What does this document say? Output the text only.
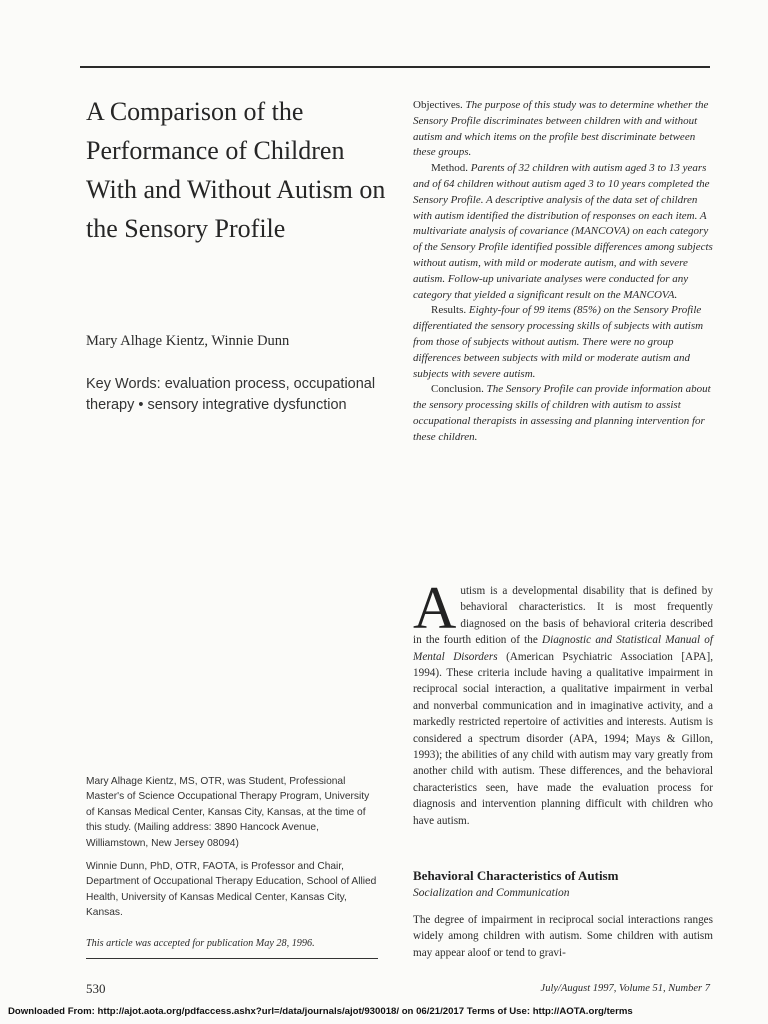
A Comparison of the Performance of Children With and Without Autism on the Sensory Profile
Mary Alhage Kientz, Winnie Dunn
Key Words: evaluation process, occupational therapy • sensory integrative dysfunction

Objectives. The purpose of this study was to determine whether the Sensory Profile discriminates between children with and without autism and which items on the profile best discriminate between these groups.

Method. Parents of 32 children with autism aged 3 to 13 years and of 64 children without autism aged 3 to 10 years completed the Sensory Profile. A descriptive analysis of the data set of children with autism identified the distribution of responses on each item. A multivariate analysis of covariance (MANCOVA) on each category of the Sensory Profile identified possible differences among subjects without autism, with mild or moderate autism, and with severe autism. Follow-up univariate analyses were conducted for any category that yielded a significant result on the MANCOVA.

Results. Eighty-four of 99 items (85%) on the Sensory Profile differentiated the sensory processing skills of subjects with autism from those of subjects without autism. There were no group differences between subjects with mild or moderate autism and subjects with severe autism.

Conclusion. The Sensory Profile can provide information about the sensory processing skills of children with autism to assist occupational therapists in assessing and planning intervention for these children.

Autism is a developmental disability that is defined by behavioral characteristics. It is most frequently diagnosed on the basis of behavioral criteria described in the fourth edition of the Diagnostic and Statistical Manual of Mental Disorders (American Psychiatric Association [APA], 1994). These criteria include having a qualitative impairment in reciprocal social interaction, a qualitative impairment in verbal and nonverbal communication and in imaginative activity, and a markedly restricted repertoire of activities and interests. Autism is considered a spectrum disorder (APA, 1994; Mays & Gillon, 1993); the abilities of any child with autism may vary greatly from another child with autism. These differences, and the behavioral characteristics seen, have made the evaluation process for diagnosis and intervention planning difficult with children who have autism.
Behavioral Characteristics of Autism
Socialization and Communication
The degree of impairment in reciprocal social interactions ranges widely among children with autism. Some children with autism may appear aloof or tend to gravi-

Mary Alhage Kientz, MS, OTR, was Student, Professional Master's of Science Occupational Therapy Program, University of Kansas Medical Center, Kansas City, Kansas, at the time of this study. (Mailing address: 3890 Hancock Avenue, Williamstown, New Jersey 08094)

Winnie Dunn, PhD, OTR, FAOTA, is Professor and Chair, Department of Occupational Therapy Education, School of Allied Health, University of Kansas Medical Center, Kansas City, Kansas.

This article was accepted for publication May 28, 1996.
530	July/August 1997, Volume 51, Number 7
Downloaded From: http://ajot.aota.org/pdfaccess.ashx?url=/data/journals/ajot/930018/ on 06/21/2017 Terms of Use: http://AOTA.org/terms
